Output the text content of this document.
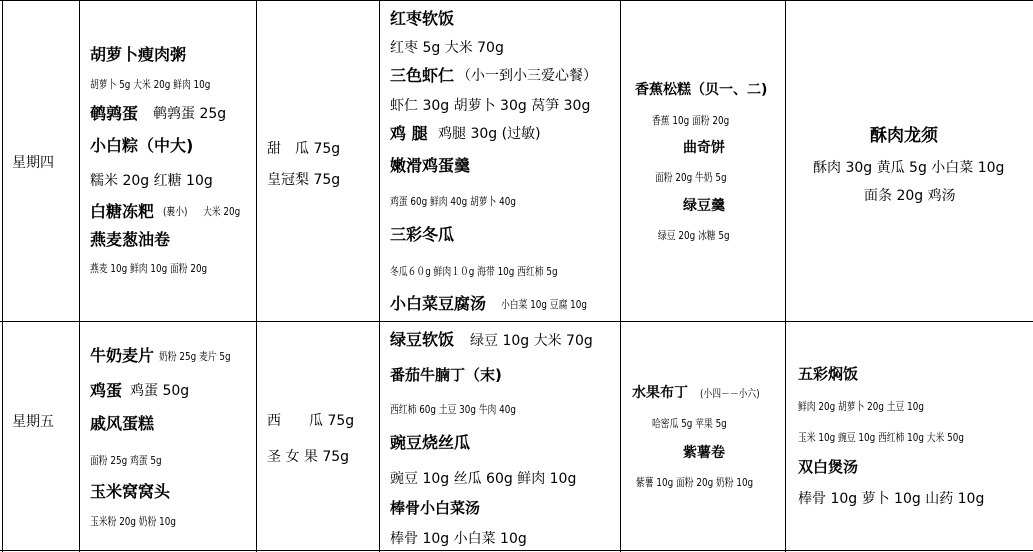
星期四
胡萝卜瘦肉粥
胡萝卜 5g 大米 20g 鲜肉 10g
鹌鹑蛋 鹌鹑蛋 25g
小白粽（中大)
糯米 20g 红糖 10g
白糖冻粑 (裹小) 大米 20g
燕麦葱油卷
燕麦 10g 鲜肉 10g 面粉 20g
甜　瓜 75g
皇冠梨 75g
红枣软饭
红枣 5g 大米 70g
三色虾仁 （小一到小三爱心餐）
虾仁 30g 胡萝卜 30g 莴笋 30g
鸡 腿 鸡腿 30g (过敏)
嫩滑鸡蛋羹
鸡蛋 60g 鲜肉 40g 胡萝卜 40g
三彩冬瓜
冬瓜６０g 鲜肉１０g 海带 10g 西红柿 5g
小白菜豆腐汤 小白菜 10g 豆腐 10g
香蕉松糕（贝一、二)
香蕉 10g 面粉 20g
曲奇饼
面粉 20g 牛奶 5g
绿豆羹
绿豆 20g 冰糖 5g
酥肉龙须
酥肉 30g 黄瓜 5g 小白菜 10g
面条 20g 鸡汤
星期五
牛奶麦片 奶粉 25g 麦片 5g
鸡蛋 鸡蛋 50g
戚风蛋糕
面粉 25g 鸡蛋 5g
玉米窝窝头
玉米粉 20g 奶粉 10g
西　　瓜 75g
圣 女 果 75g
绿豆软饭 绿豆 10g 大米 70g
番茄牛腩丁（末)
西红柿 60g 土豆 30g 牛肉 40g
豌豆烧丝瓜
豌豆 10g 丝瓜 60g 鲜肉 10g
棒骨小白菜汤
棒骨 10g 小白菜 10g
水果布丁 (小四－－小六)
哈密瓜 5g 苹果 5g
紫薯卷
紫薯 10g 面粉 20g 奶粉 10g
五彩焖饭
鲜肉 20g 胡萝卜 20g 土豆 10g
玉米 10g 豌豆 10g 西红柿 10g 大米 50g
双白煲汤
棒骨 10g 萝卜 10g 山药 10g
